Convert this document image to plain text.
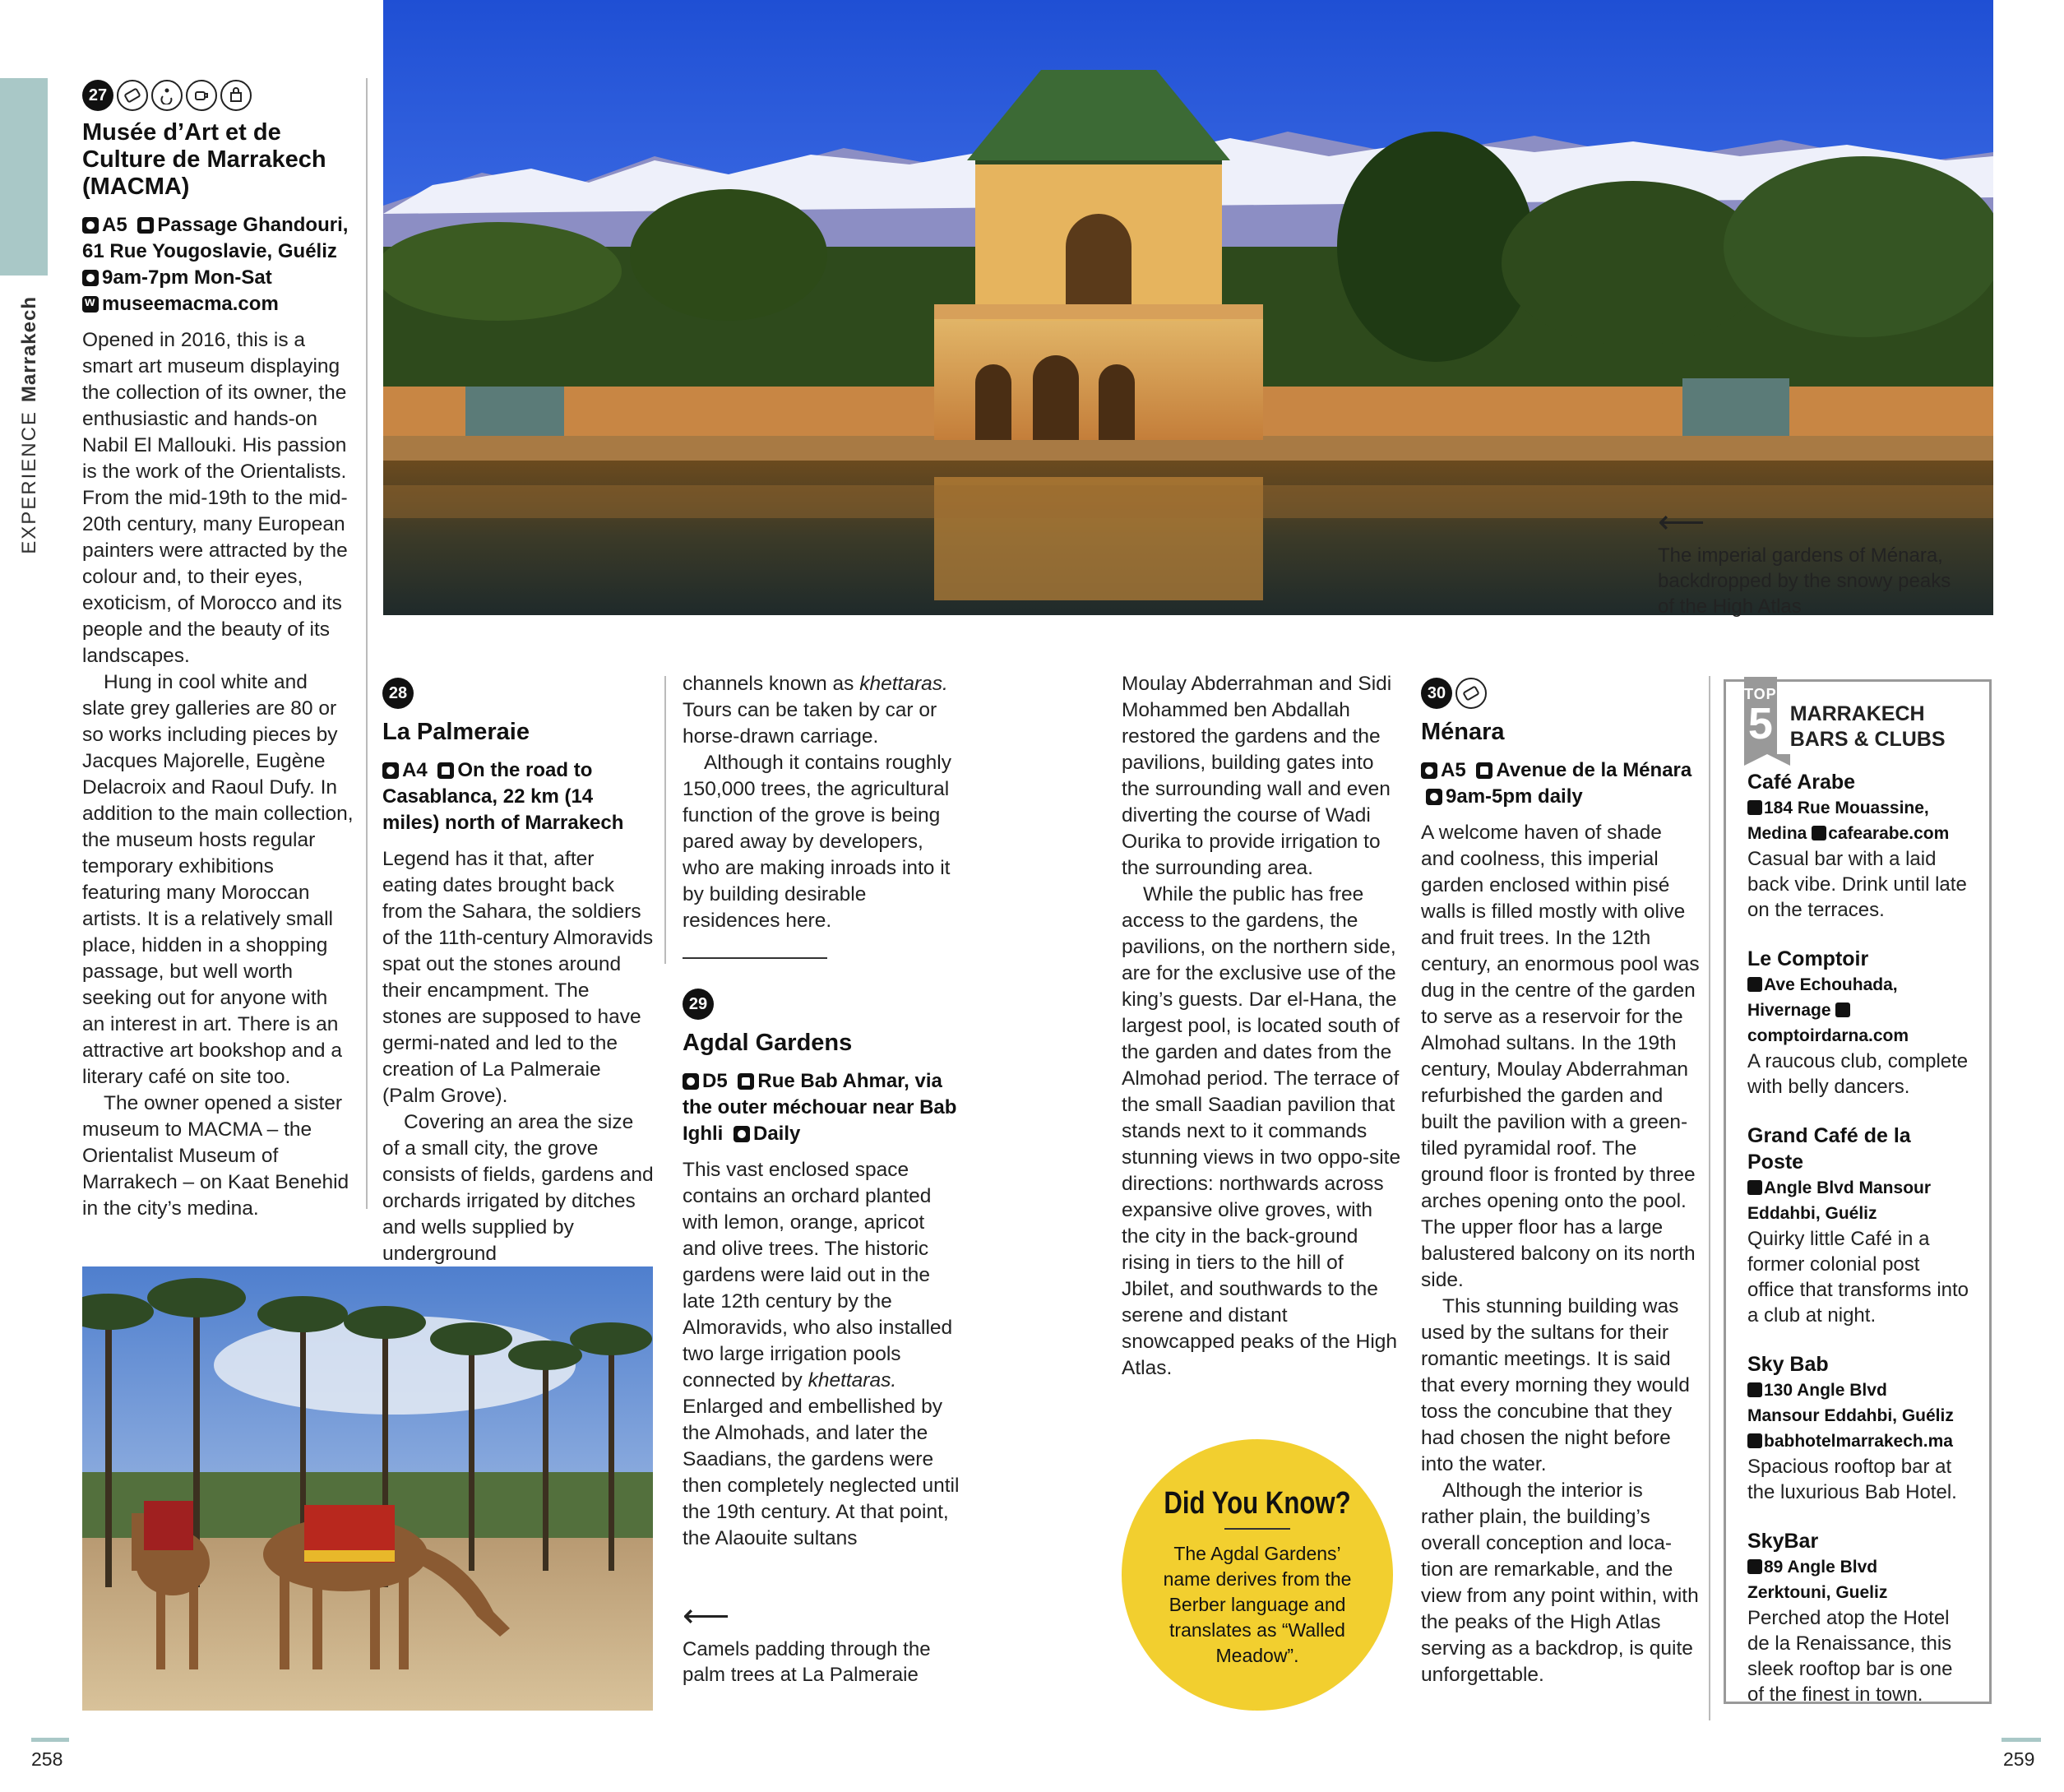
EXPERIENCE
Marrakech
⟵
The imperial gardens of Ménara, backdropped by the snowy peaks of the High Atlas
27
Musée d’Art et de Culture de Marrakech (MACMA)
A5 Passage Ghandouri, 61 Rue Yougoslavie, Guéliz
9am-7pm Mon-Sat
wmuseemacma.com

Opened in 2016, this is a smart art museum displaying the collection of its owner, the enthusiastic and hands-on Nabil El Mallouki. His passion is the work of the Orientalists. From the mid-19th to the mid-20th century, many European painters were attracted by the colour and, to their eyes, exoticism, of Morocco and its people and the beauty of its landscapes.

Hung in cool white and slate grey galleries are 80 or so works including pieces by Jacques Majorelle, Eugène Delacroix and Raoul Dufy. In addition to the main collection, the museum hosts regular temporary exhibitions featuring many Moroccan artists. It is a relatively small place, hidden in a shopping passage, but well worth seeking out for anyone with an interest in art. There is an attractive art bookshop and a literary café on site too.

The owner opened a sister museum to MACMA – the Orientalist Museum of Marrakech – on Kaat Benehid in the city’s medina.

28
La Palmeraie
A4 On the road to Casablanca, 22 km (14 miles) north of Marrakech

Legend has it that, after eating dates brought back from the Sahara, the soldiers of the 11th-century Almoravids spat out the stones around their encampment. The stones are supposed to have germi-nated and led to the creation of La Palmeraie (Palm Grove).

Covering an area the size of a small city, the grove consists of fields, gardens and orchards irrigated by ditches and wells supplied by underground

channels known as khettaras. Tours can be taken by car or horse-drawn carriage.

Although it contains roughly 150,000 trees, the agricultural function of the grove is being pared away by developers, who are making inroads into it by building desirable residences here.

29
Agdal Gardens
D5 Rue Bab Ahmar, via the outer méchouar near Bab Ighli Daily

This vast enclosed space contains an orchard planted with lemon, orange, apricot and olive trees. The historic gardens were laid out in the late 12th century by the Almoravids, who also installed two large irrigation pools connected by khettaras. Enlarged and embellished by the Almohads, and later the Saadians, the gardens were then completely neglected until the 19th century. At that point, the Alaouite sultans

⟵
Camels padding through the palm trees at La Palmeraie

Moulay Abderrahman and Sidi Mohammed ben Abdallah restored the gardens and the pavilions, building gates into the surrounding wall and even diverting the course of Wadi Ourika to provide irrigation to the surrounding area.

While the public has free access to the gardens, the pavilions, on the northern side, are for the exclusive use of the king’s guests. Dar el-Hana, the largest pool, is located south of the garden and dates from the Almohad period. The terrace of the small Saadian pavilion that stands next to it commands stunning views in two oppo-site directions: northwards across expansive olive groves, with the city in the back-ground rising in tiers to the hill of Jbilet, and southwards to the serene and distant snowcapped peaks of the High Atlas.

Did You Know?

The Agdal Gardens’ name derives from the Berber language and translates as “Walled Meadow”.

30
Ménara
A5 Avenue de la Ménara 9am-5pm daily

A welcome haven of shade and coolness, this imperial garden enclosed within pisé walls is filled mostly with olive and fruit trees. In the 12th century, an enormous pool was dug in the centre of the garden to serve as a reservoir for the Almohad sultans. In the 19th century, Moulay Abderrahman refurbished the garden and built the pavilion with a green-tiled pyramidal roof. The ground floor is fronted by three arches opening onto the pool. The upper floor has a large balustered balcony on its north side.

This stunning building was used by the sultans for their romantic meetings. It is said that every morning they would toss the concubine that they had chosen the night before into the water.

Although the interior is rather plain, the building’s overall conception and loca-tion are remarkable, and the view from any point within, with the peaks of the High Atlas serving as a backdrop, is quite unforgettable.

TOP
5 MARRAKECH BARS & CLUBS
Café Arabe
184 Rue Mouassine,
Medina cafearabe.com
Casual bar with a laid back vibe. Drink until late on the terraces.
Le Comptoir
Ave Echouhada, Hivernage comptoirdarna.com
A raucous club, complete with belly dancers.
Grand Café de la Poste
Angle Blvd Mansour
Eddahbi, Guéliz
Quirky little Café in a former colonial post office that transforms into a club at night.
Sky Bab
130 Angle Blvd
Mansour Eddahbi, Guéliz babhotelmarrakech.ma
Spacious rooftop bar at the luxurious Bab Hotel.
SkyBar
89 Angle Blvd
Zerktouni, Gueliz
Perched atop the Hotel de la Renaissance, this sleek rooftop bar is one of the finest in town.
258	259
